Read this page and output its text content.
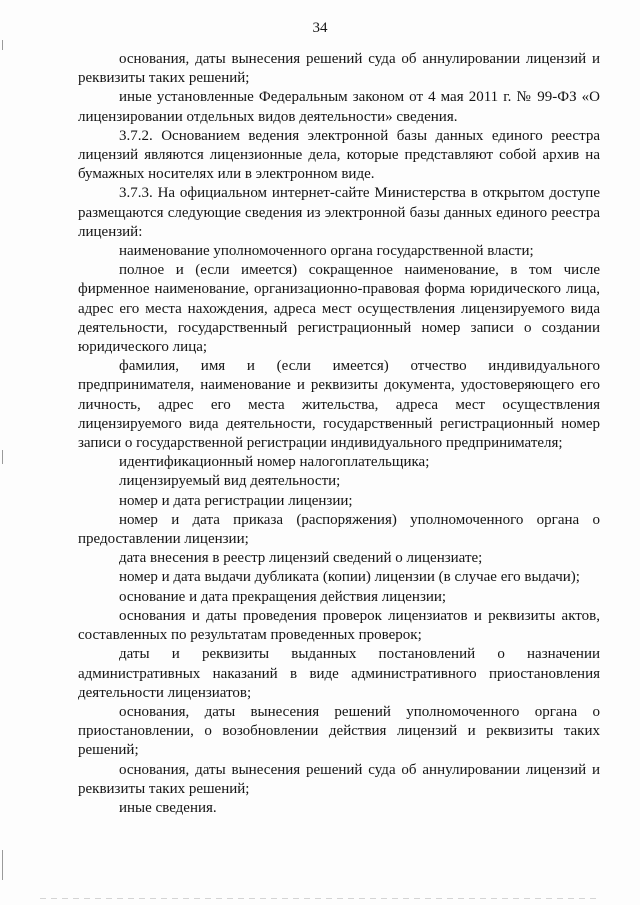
34

основания, даты вынесения решений суда об аннулировании лицензий и реквизиты таких решений;

иные установленные Федеральным законом от 4 мая 2011 г. № 99-ФЗ «О лицензировании отдельных видов деятельности» сведения.

3.7.2. Основанием ведения электронной базы данных единого реестра лицензий являются лицензионные дела, которые представляют собой архив на бумажных носителях или в электронном виде.

3.7.3. На официальном интернет-сайте Министерства в открытом доступе размещаются следующие сведения из электронной базы данных единого реестра лицензий:

наименование уполномоченного органа государственной власти;

полное и (если имеется) сокращенное наименование, в том числе фирменное наименование, организационно-правовая форма юридического лица, адрес его места нахождения, адреса мест осуществления лицензируемого вида деятельности, государственный регистрационный номер записи о создании юридического лица;

фамилия, имя и (если имеется) отчество индивидуального предпринимателя, наименование и реквизиты документа, удостоверяющего его личность, адрес его места жительства, адреса мест осуществления лицензируемого вида деятельности, государственный регистрационный номер записи о государственной регистрации индивидуального предпринимателя;

идентификационный номер налогоплательщика;

лицензируемый вид деятельности;

номер и дата регистрации лицензии;

номер и дата приказа (распоряжения) уполномоченного органа о предоставлении лицензии;

дата внесения в реестр лицензий сведений о лицензиате;

номер и дата выдачи дубликата (копии) лицензии (в случае его выдачи);

основание и дата прекращения действия лицензии;

основания и даты проведения проверок лицензиатов и реквизиты актов, составленных по результатам проведенных проверок;

даты и реквизиты выданных постановлений о назначении административных наказаний в виде административного приостановления деятельности лицензиатов;

основания, даты вынесения решений уполномоченного органа о приостановлении, о возобновлении действия лицензий и реквизиты таких решений;

основания, даты вынесения решений суда об аннулировании лицензий и реквизиты таких решений;

иные сведения.
